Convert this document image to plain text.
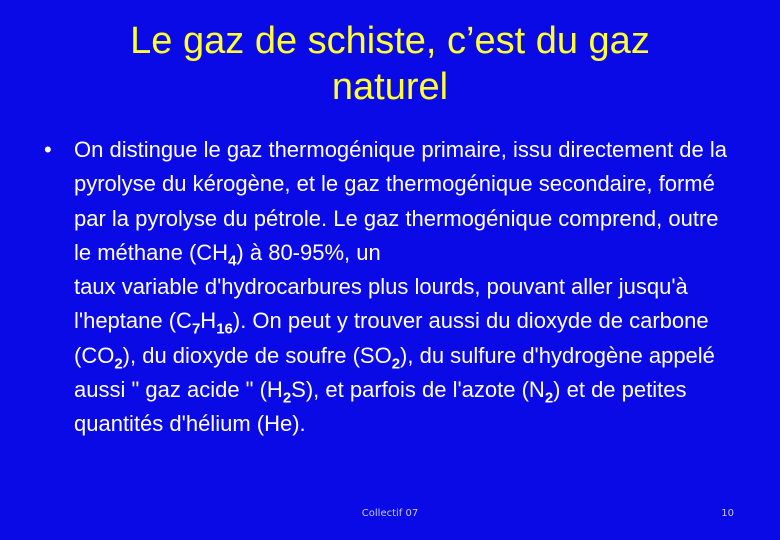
Le gaz de schiste, c’est du gaz
naturel
• On distingue le gaz thermogénique primaire, issu directement de la pyrolyse du kérogène, et le gaz thermogénique secondaire, formé par la pyrolyse du pétrole. Le gaz thermogénique comprend, outre le méthane $(CH_4)$ à 80-95%, un
taux variable d'hydrocarbures plus lourds, pouvant aller jusqu'à l'heptane $(C_7H_{16})$. On peut y trouver aussi du dioxyde de carbone $(CO_2)$, du dioxyde de soufre $(SO_2)$, du sulfure d'hydrogène appelé aussi " gaz acide " $(H_2S)$, et parfois de l'azote $(N_2)$ et de petites quantités d'hélium (He).
Collectif 07	10
